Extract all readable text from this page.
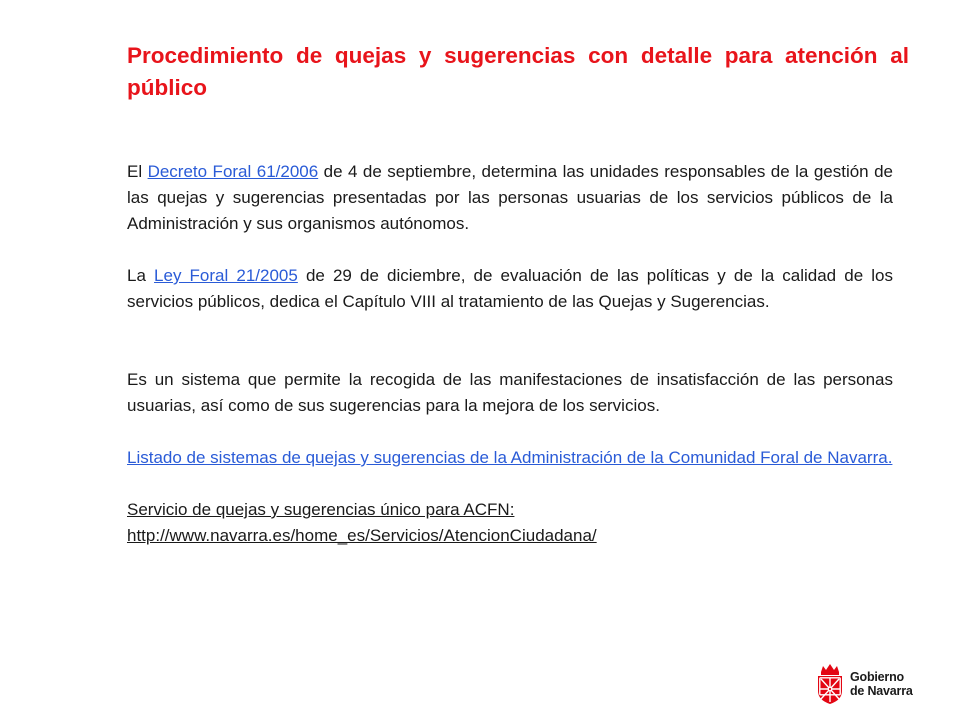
Procedimiento de quejas y sugerencias con detalle para atención al público

El Decreto Foral 61/2006 de 4 de septiembre, determina las unidades responsables de la gestión de las quejas y sugerencias presentadas por las personas usuarias de los servicios públicos de la Administración y sus organismos autónomos.

La Ley Foral 21/2005 de 29 de diciembre, de evaluación de las políticas y de la calidad de los servicios públicos, dedica el Capítulo VIII al tratamiento de las Quejas y Sugerencias.

Es un sistema que permite la recogida de las manifestaciones de insatisfacción de las personas usuarias, así como de sus sugerencias para la mejora de los servicios.

Listado de sistemas de quejas y sugerencias de la Administración de la Comunidad Foral de Navarra.

Servicio de quejas y sugerencias único para ACFN:
http://www.navarra.es/home_es/Servicios/AtencionCiudadana/

Gobierno
de Navarra
